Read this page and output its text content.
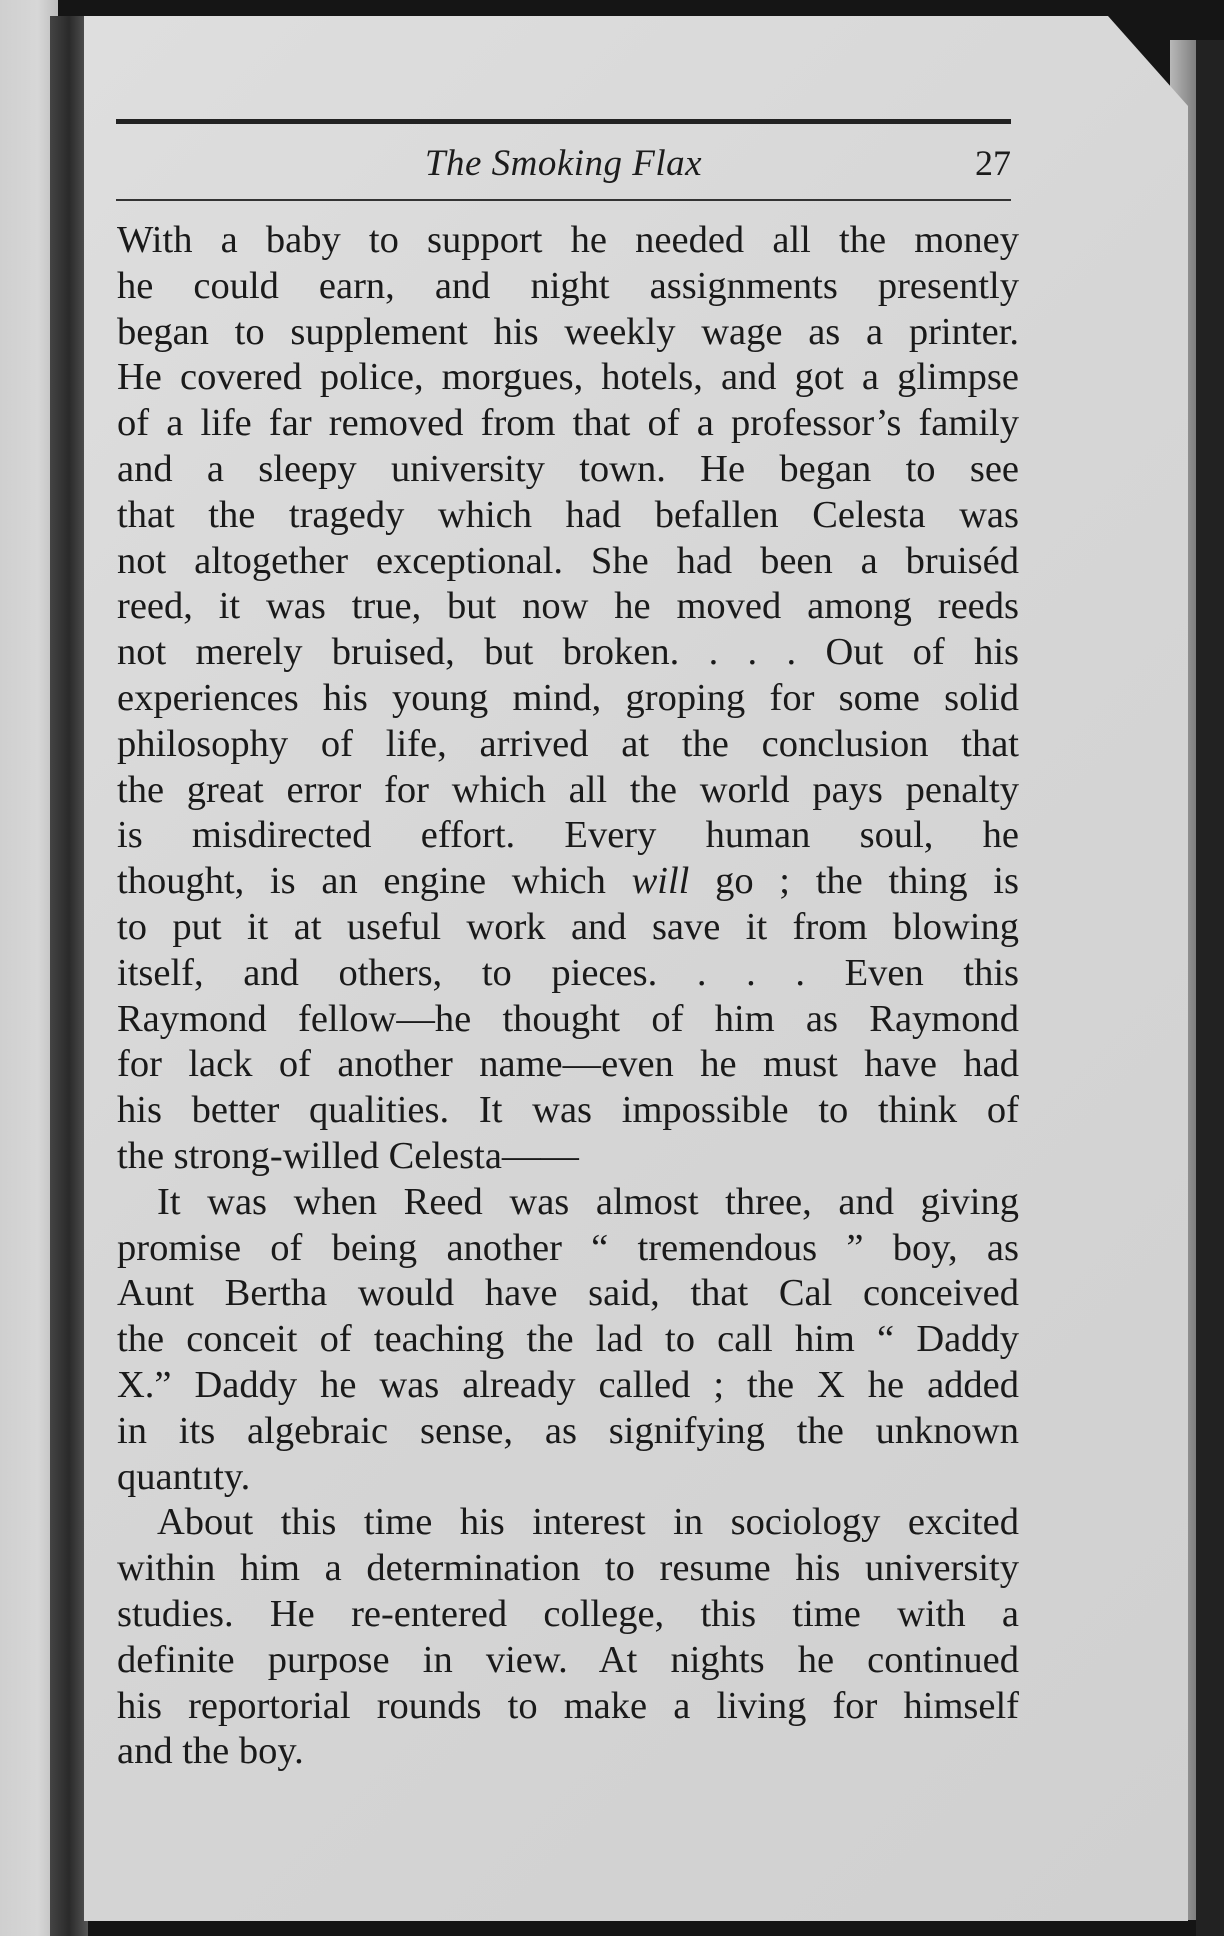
The Smoking Flax	27
With a baby to support he needed all the money
he could earn, and night assignments presently
began to supplement his weekly wage as a printer.
He covered police, morgues, hotels, and got a glimpse
of a life far removed from that of a professor’s family
and a sleepy university town. He began to see
that the tragedy which had befallen Celesta was
not altogether exceptional. She had been a bruiséd
reed, it was true, but now he moved among reeds
not merely bruised, but broken. . . . Out of his
experiences his young mind, groping for some solid
philosophy of life, arrived at the conclusion that
the great error for which all the world pays penalty
is misdirected effort. Every human soul, he
thought, is an engine which will go ; the thing is
to put it at useful work and save it from blowing
itself, and others, to pieces. . . . Even this
Raymond fellow—he thought of him as Raymond
for lack of another name—even he must have had
his better qualities. It was impossible to think of
the strong-willed Celesta——
It was when Reed was almost three, and giving
promise of being another “ tremendous ” boy, as
Aunt Bertha would have said, that Cal conceived
the conceit of teaching the lad to call him “ Daddy
X.” Daddy he was already called ; the X he added
in its algebraic sense, as signifying the unknown
quantıty.
About this time his interest in sociology excited
within him a determination to resume his university
studies. He re-entered college, this time with a
definite purpose in view. At nights he continued
his reportorial rounds to make a living for himself
and the boy.
